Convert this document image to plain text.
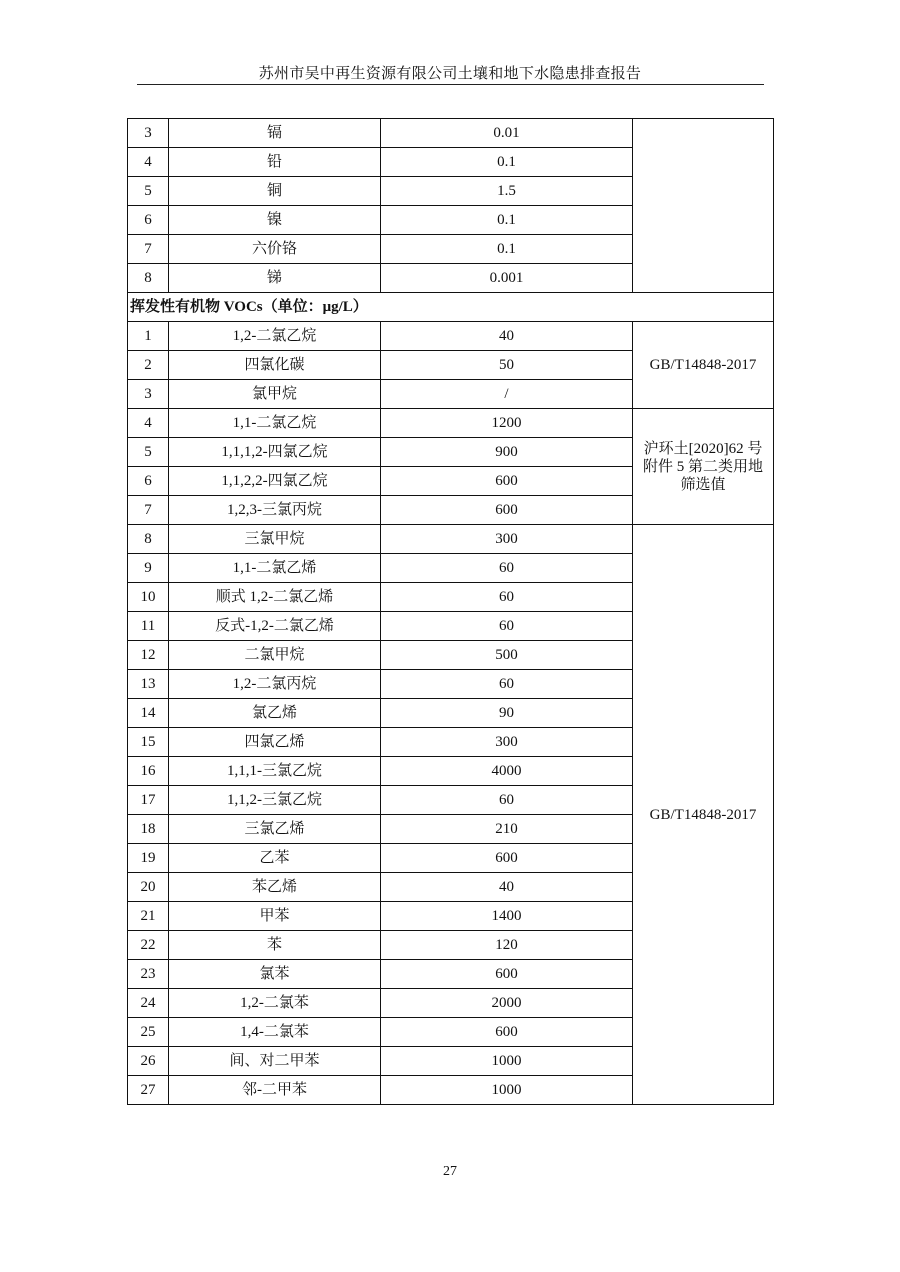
苏州市吴中再生资源有限公司土壤和地下水隐患排查报告
3	镉	0.01	
4	铅	0.1	
5	铜	1.5	
6	镍	0.1	
7	六价铬	0.1	
8	锑	0.001	
挥发性有机物 VOCs（单位：μg/L）			
1	1,2-二氯乙烷	40	GB/T14848-2017
2	四氯化碳	50	
3	氯甲烷	/	
4	1,1-二氯乙烷	1200	沪环土[2020]62 号附件 5 第二类用地筛选值
5	1,1,1,2-四氯乙烷	900	
6	1,1,2,2-四氯乙烷	600	
7	1,2,3-三氯丙烷	600	
8	三氯甲烷	300	GB/T14848-2017
9	1,1-二氯乙烯	60	
10	顺式 1,2-二氯乙烯	60	
11	反式-1,2-二氯乙烯	60	
12	二氯甲烷	500	
13	1,2-二氯丙烷	60	
14	氯乙烯	90	
15	四氯乙烯	300	
16	1,1,1-三氯乙烷	4000	
17	1,1,2-三氯乙烷	60	
18	三氯乙烯	210	
19	乙苯	600	
20	苯乙烯	40	
21	甲苯	1400	
22	苯	120	
23	氯苯	600	
24	1,2-二氯苯	2000	
25	1,4-二氯苯	600	
26	间、对二甲苯	1000	
27	邻-二甲苯	1000	
27
